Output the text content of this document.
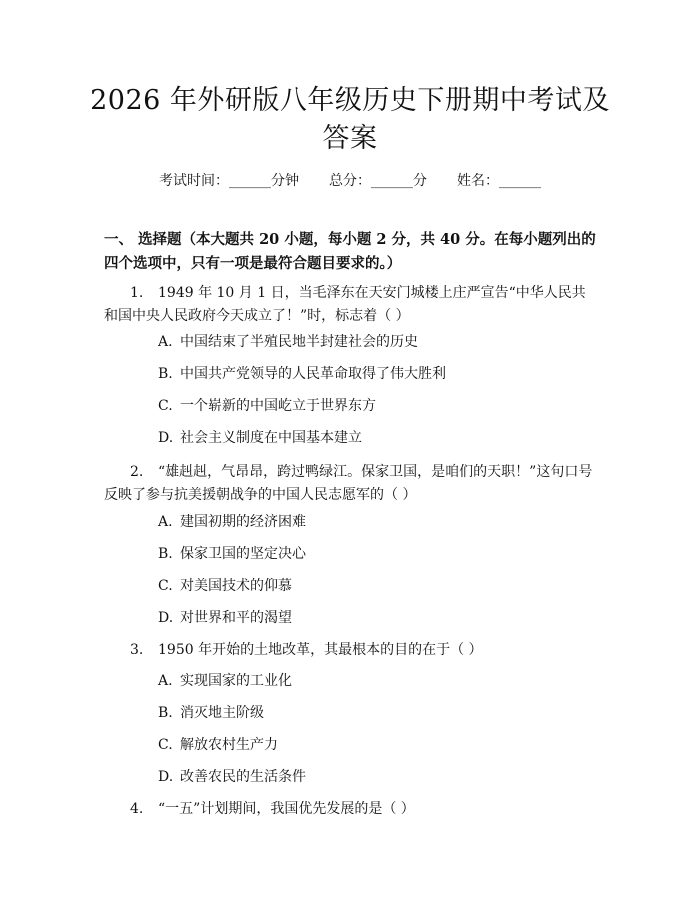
2026 年外研版八年级历史下册期中考试及答案
考试时间：______分钟 总分：______分 姓名：______
一、 选择题（本大题共 20 小题，每小题 2 分，共 40 分。在每小题列出的四个选项中，只有一项是最符合题目要求的。）
1. 1949 年 10 月 1 日，当毛泽东在天安门城楼上庄严宣告“中华人民共和国中央人民政府今天成立了！”时，标志着（ ）
A. 中国结束了半殖民地半封建社会的历史
B. 中国共产党领导的人民革命取得了伟大胜利
C. 一个崭新的中国屹立于世界东方
D. 社会主义制度在中国基本建立
2. “雄赳赳，气昂昂，跨过鸭绿江。保家卫国，是咱们的天职！”这句口号反映了参与抗美援朝战争的中国人民志愿军的（ ）
A. 建国初期的经济困难
B. 保家卫国的坚定决心
C. 对美国技术的仰慕
D. 对世界和平的渴望
3. 1950 年开始的土地改革，其最根本的目的在于（ ）
A. 实现国家的工业化
B. 消灭地主阶级
C. 解放农村生产力
D. 改善农民的生活条件
4. “一五”计划期间，我国优先发展的是（ ）
